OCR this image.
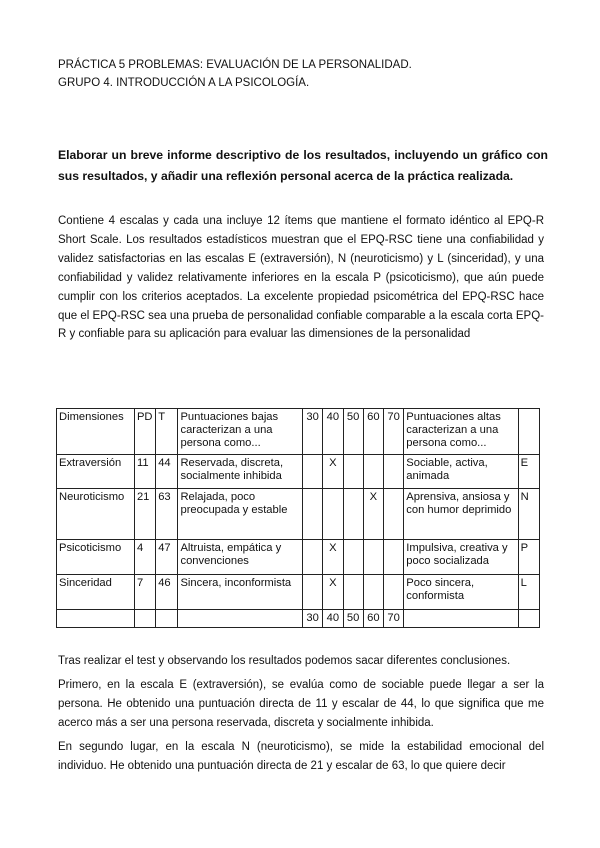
PRÁCTICA 5 PROBLEMAS: EVALUACIÓN DE LA PERSONALIDAD.
GRUPO 4. INTRODUCCIÓN A LA PSICOLOGÍA.
Elaborar un breve informe descriptivo de los resultados, incluyendo un gráfico con sus resultados, y añadir una reflexión personal acerca de la práctica realizada.
Contiene 4 escalas y cada una incluye 12 ítems que mantiene el formato idéntico al EPQ-R Short Scale. Los resultados estadísticos muestran que el EPQ-RSC tiene una confiabilidad y validez satisfactorias en las escalas E (extraversión), N (neuroticismo) y L (sinceridad), y una confiabilidad y validez relativamente inferiores en la escala P (psicoticismo), que aún puede cumplir con los criterios aceptados. La excelente propiedad psicométrica del EPQ-RSC hace que el EPQ-RSC sea una prueba de personalidad confiable comparable a la escala corta EPQ-R y confiable para su aplicación para evaluar las dimensiones de la personalidad
Dimensiones	PD	T	Puntuaciones bajas caracterizan a una persona como...	30	40	50	60	70	Puntuaciones altas caracterizan a una persona como...	

Extraversión	11	44	Reservada, discreta, socialmente inhibida		X				Sociable, activa, animada	E
Neuroticismo	21	63	Relajada, poco preocupada y estable				X		Aprensiva, ansiosa y con humor deprimido	N
Psicoticismo	4	47	Altruista, empática y convenciones		X				Impulsiva, creativa y poco socializada	P
Sinceridad	7	46	Sincera, inconformista		X				Poco sincera, conformista	L
				30	40	50	60	70		

Tras realizar el test y observando los resultados podemos sacar diferentes conclusiones.

Primero, en la escala E (extraversión), se evalúa como de sociable puede llegar a ser la persona. He obtenido una puntuación directa de 11 y escalar de 44, lo que significa que me acerco más a ser una persona reservada, discreta y socialmente inhibida.

En segundo lugar, en la escala N (neuroticismo), se mide la estabilidad emocional del individuo. He obtenido una puntuación directa de 21 y escalar de 63, lo que quiere decir
